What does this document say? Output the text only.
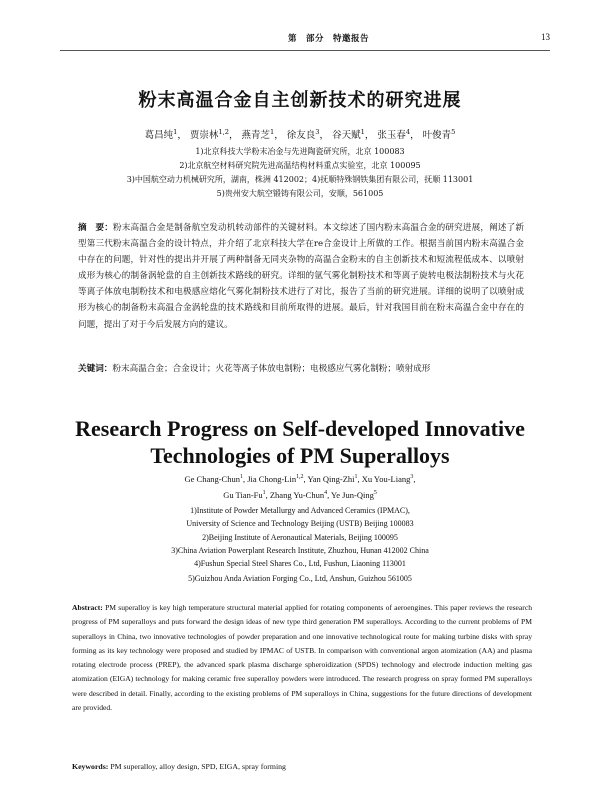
第　部分　特邀报告	13
粉末高温合金自主创新技术的研究进展
葛昌纯$^1$， 贾崇林$^{1,2}$， 燕青芝$^1$， 徐友良$^3$， 谷天赋$^1$， 张玉春$^4$， 叶俊青$^5$
1)北京科技大学粉末冶金与先进陶瓷研究所，北京 100083
2)北京航空材料研究院先进高温结构材料重点实验室，北京 100095
3)中国航空动力机械研究所，湖南，株洲 412002；4)抚顺特殊钢铁集团有限公司，抚顺 113001
5)贵州安大航空锻铸有限公司，安顺，561005
摘　要：粉末高温合金是制备航空发动机转动部件的关键材料。本文综述了国内粉末高温合金的研究进展，阐述了新型第三代粉末高温合金的设计特点，并介绍了北京科技大学在re合金设计上所做的工作。根据当前国内粉末高温合金中存在的问题，针对性的提出并开展了两种制备无同夹杂物的高温合金粉末的自主创新技术和短流程低成本、以喷射成形为核心的制备涡轮盘的自主创新技术路线的研究。详细的氩气雾化制粉技术和等离子旋转电极法制粉技术与火花等离子体放电制粉技术和电极感应熔化气雾化制粉技术进行了对比，报告了当前的研究进展。详细的说明了以喷射成形为核心的制备粉末高温合金涡轮盘的技术路线和目前所取得的进展。最后，针对我国目前在粉末高温合金中存在的问题，提出了对于今后发展方向的建议。
关键词：粉末高温合金；合金设计；火花等离子体放电制粉；电极感应气雾化制粉；喷射成形
Research Progress on Self-developed Innovative
Technologies of PM Superalloys
Ge Chang-Chun$^1$, Jia Chong-Lin$^{1,2}$, Yan Qing-Zhi$^1$, Xu You-Liang$^3$,
Gu Tian-Fu$^1$, Zhang Yu-Chun$^4$, Ye Jun-Qing$^5$
1)Institute of Powder Metallurgy and Advanced Ceramics (IPMAC),
University of Science and Technology Beijing (USTB) Beijing 100083
2)Beijing Institute of Aeronautical Materials, Beijing 100095
3)China Aviation Powerplant Research Institute, Zhuzhou, Hunan 412002 China
4)Fushun Special Steel Shares Co., Ltd, Fushun, Liaoning 113001
5)Guizhou Anda Aviation Forging Co., Ltd, Anshun, Guizhou 561005
Abstract: PM superalloy is key high temperature structural material applied for rotating components of aeroengines. This paper reviews the research progress of PM superalloys and puts forward the design ideas of new type third generation PM superalloys. According to the current problems of PM superalloys in China, two innovative technologies of powder preparation and one innovative technological route for making turbine disks with spray forming as its key technology were proposed and studied by IPMAC of USTB. In comparison with conventional argon atomization (AA) and plasma rotating electrode process (PREP), the advanced spark plasma discharge spheroidization (SPDS) technology and electrode induction melting gas atomization (EIGA) technology for making ceramic free superalloy powders were introduced. The research progress on spray formed PM superalloys were described in detail. Finally, according to the existing problems of PM superalloys in China, suggestions for the future directions of development are provided.
Keywords: PM superalloy, alloy design, SPD, EIGA, spray forming
